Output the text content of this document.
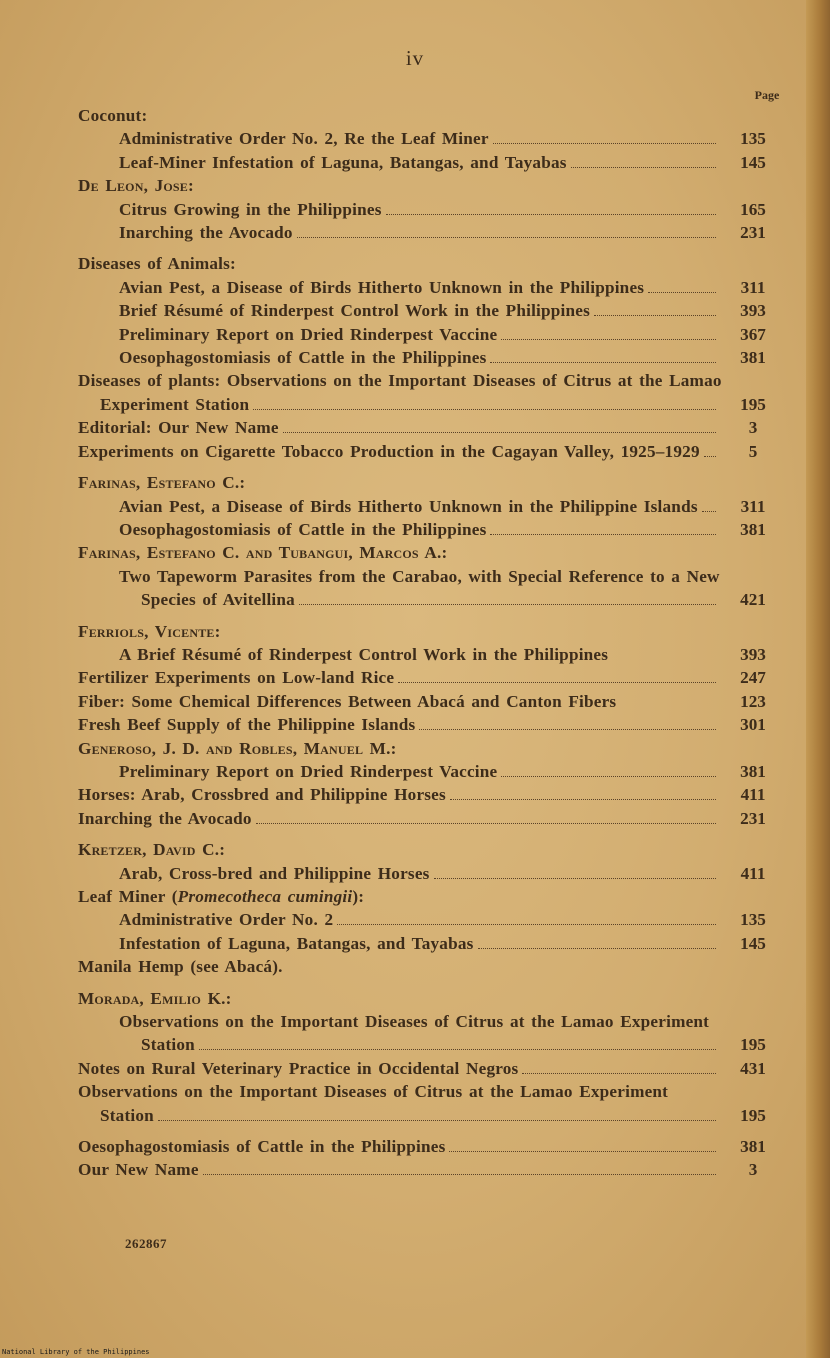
iv
Page
Coconut:
Administrative Order No. 2, Re the Leaf Miner	135
Leaf-Miner Infestation of Laguna, Batangas, and Tayabas	145
De Leon, Jose:
Citrus Growing in the Philippines	165
Inarching the Avocado	231
Diseases of Animals:
Avian Pest, a Disease of Birds Hitherto Unknown in the Philippines	311
Brief Résumé of Rinderpest Control Work in the Philippines	393
Preliminary Report on Dried Rinderpest Vaccine	367
Oesophagostomiasis of Cattle in the Philippines	381
Diseases of plants: Observations on the Important Diseases of Citrus at the Lamao Experiment Station	195
Editorial: Our New Name	3
Experiments on Cigarette Tobacco Production in the Cagayan Valley, 1925–1929	5
Farinas, Estefano C.:
Avian Pest, a Disease of Birds Hitherto Unknown in the Philippine Islands 311
Oesophagostomiasis of Cattle in the Philippines	381
Farinas, Estefano C. and Tubangui, Marcos A.:
Two Tapeworm Parasites from the Carabao, with Special Reference to a New Species of Avitellina	421
Ferriols, Vicente:
A Brief Résumé of Rinderpest Control Work in the Philippines	393
Fertilizer Experiments on Low-land Rice	247
Fiber: Some Chemical Differences Between Abacá and Canton Fibers	123
Fresh Beef Supply of the Philippine Islands	301
Generoso, J. D. and Robles, Manuel M.:
Preliminary Report on Dried Rinderpest Vaccine	381
Horses: Arab, Crossbred and Philippine Horses	411
Inarching the Avocado	231
Kretzer, David C.:
Arab, Cross-bred and Philippine Horses	411
Leaf Miner (Promecotheca cumingii):
Administrative Order No. 2	135
Infestation of Laguna, Batangas, and Tayabas	145
Manila Hemp (see Abacá).
Morada, Emilio K.:
Observations on the Important Diseases of Citrus at the Lamao Experiment Station	195
Notes on Rural Veterinary Practice in Occidental Negros	431
Observations on the Important Diseases of Citrus at the Lamao Experiment Station	195
Oesophagostomiasis of Cattle in the Philippines	381
Our New Name	3
262867
National Library of the Philippines
